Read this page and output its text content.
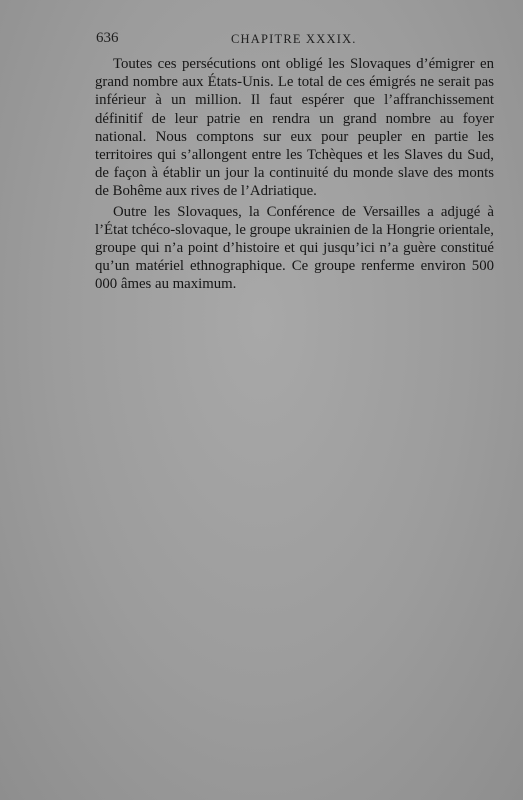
636	CHAPITRE XXXIX.

Toutes ces persécutions ont obligé les Slovaques d’émigrer en grand nombre aux États-Unis. Le total de ces émigrés ne serait pas inférieur à un million. Il faut espérer que l’affranchissement définitif de leur patrie en rendra un grand nombre au foyer national. Nous comptons sur eux pour peupler en partie les territoires qui s’allongent entre les Tchèques et les Slaves du Sud, de façon à établir un jour la continuité du monde slave des monts de Bohême aux rives de l’Adriatique.

Outre les Slovaques, la Conférence de Versailles a adjugé à l’État tchéco-slovaque, le groupe ukrainien de la Hongrie orientale, groupe qui n’a point d’histoire et qui jusqu’ici n’a guère constitué qu’un matériel ethnographique. Ce groupe renferme environ 500 000 âmes au maximum.
